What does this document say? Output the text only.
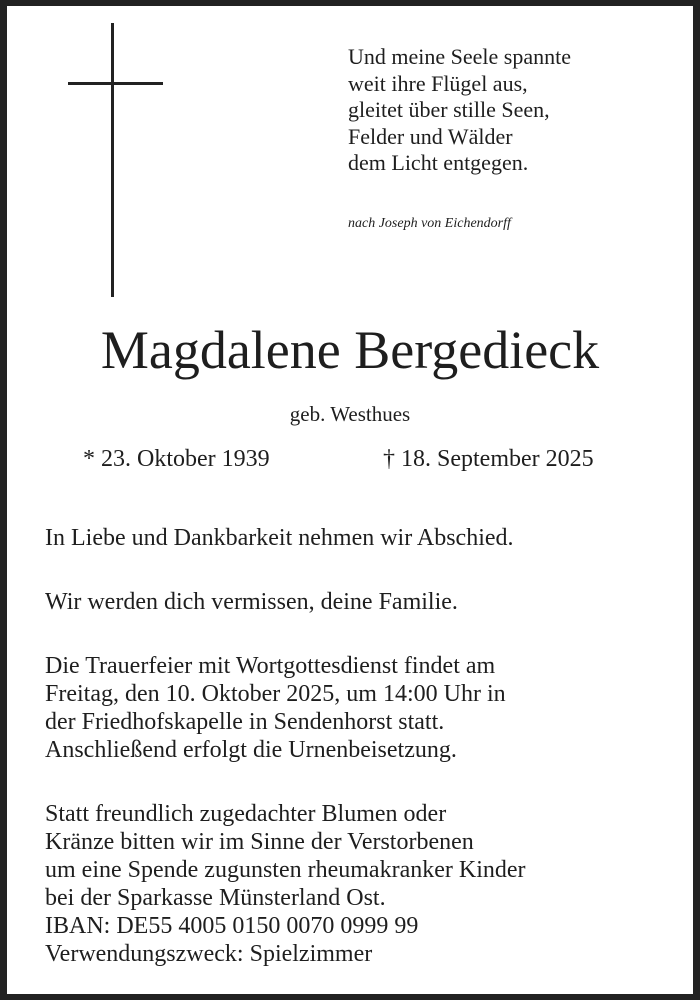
Und meine Seele spannte
weit ihre Flügel aus,
gleitet über stille Seen,
Felder und Wälder
dem Licht entgegen.
nach Joseph von Eichendorff
Magdalene Bergedieck
geb. Westhues
* 23. Oktober 1939	† 18. September 2025
In Liebe und Dankbarkeit nehmen wir Abschied.
Wir werden dich vermissen, deine Familie.
Die Trauerfeier mit Wortgottesdienst findet am
Freitag, den 10. Oktober 2025, um 14:00 Uhr in
der Friedhofskapelle in Sendenhorst statt.
Anschließend erfolgt die Urnenbeisetzung.
Statt freundlich zugedachter Blumen oder
Kränze bitten wir im Sinne der Verstorbenen
um eine Spende zugunsten rheumakranker Kinder
bei der Sparkasse Münsterland Ost.
IBAN: DE55 4005 0150 0070 0999 99
Verwendungszweck: Spielzimmer
